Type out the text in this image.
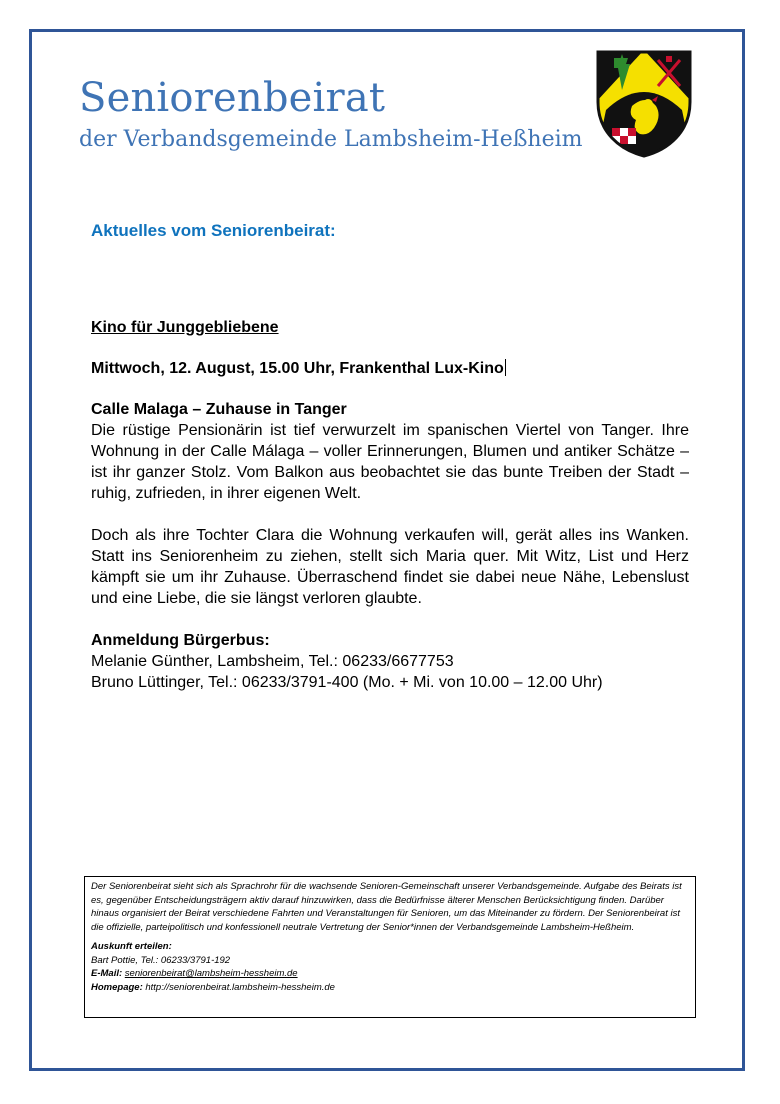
Seniorenbeirat
der Verbandsgemeinde Lambsheim-Heßheim
Aktuelles vom Seniorenbeirat:

Kino für Junggebliebene

Mittwoch, 12. August, 15.00 Uhr, Frankenthal Lux-Kino

Calle Malaga – Zuhause in Tanger

Die rüstige Pensionärin ist tief verwurzelt im spanischen Viertel von Tanger. Ihre Wohnung in der Calle Málaga – voller Erinnerungen, Blumen und antiker Schätze – ist ihr ganzer Stolz. Vom Balkon aus beobachtet sie das bunte Treiben der Stadt – ruhig, zufrieden, in ihrer eigenen Welt.

Doch als ihre Tochter Clara die Wohnung verkaufen will, gerät alles ins Wanken. Statt ins Seniorenheim zu ziehen, stellt sich Maria quer. Mit Witz, List und Herz kämpft sie um ihr Zuhause. Überraschend findet sie dabei neue Nähe, Lebenslust und eine Liebe, die sie längst verloren glaubte.

Anmeldung Bürgerbus:

Melanie Günther, Lambsheim, Tel.: 06233/6677753

Bruno Lüttinger, Tel.: 06233/3791-400 (Mo. + Mi. von 10.00 – 12.00 Uhr)

Der Seniorenbeirat sieht sich als Sprachrohr für die wachsende Senioren-Gemeinschaft unserer Verbandsgemeinde. Aufgabe des Beirats ist es, gegenüber Entscheidungsträgern aktiv darauf hinzuwirken, dass die Bedürfnisse älterer Menschen Berücksichtigung finden. Darüber hinaus organisiert der Beirat verschiedene Fahrten und Veranstaltungen für Senioren, um das Miteinander zu fördern. Der Seniorenbeirat ist die offizielle, parteipolitisch und konfessionell neutrale Vertretung der Senior*innen der Verbandsgemeinde Lambsheim-Heßheim.

Auskunft erteilen:

Bart Pottie, Tel.: 06233/3791-192

E-Mail: seniorenbeirat@lambsheim-hessheim.de

Homepage: http://seniorenbeirat.lambsheim-hessheim.de
